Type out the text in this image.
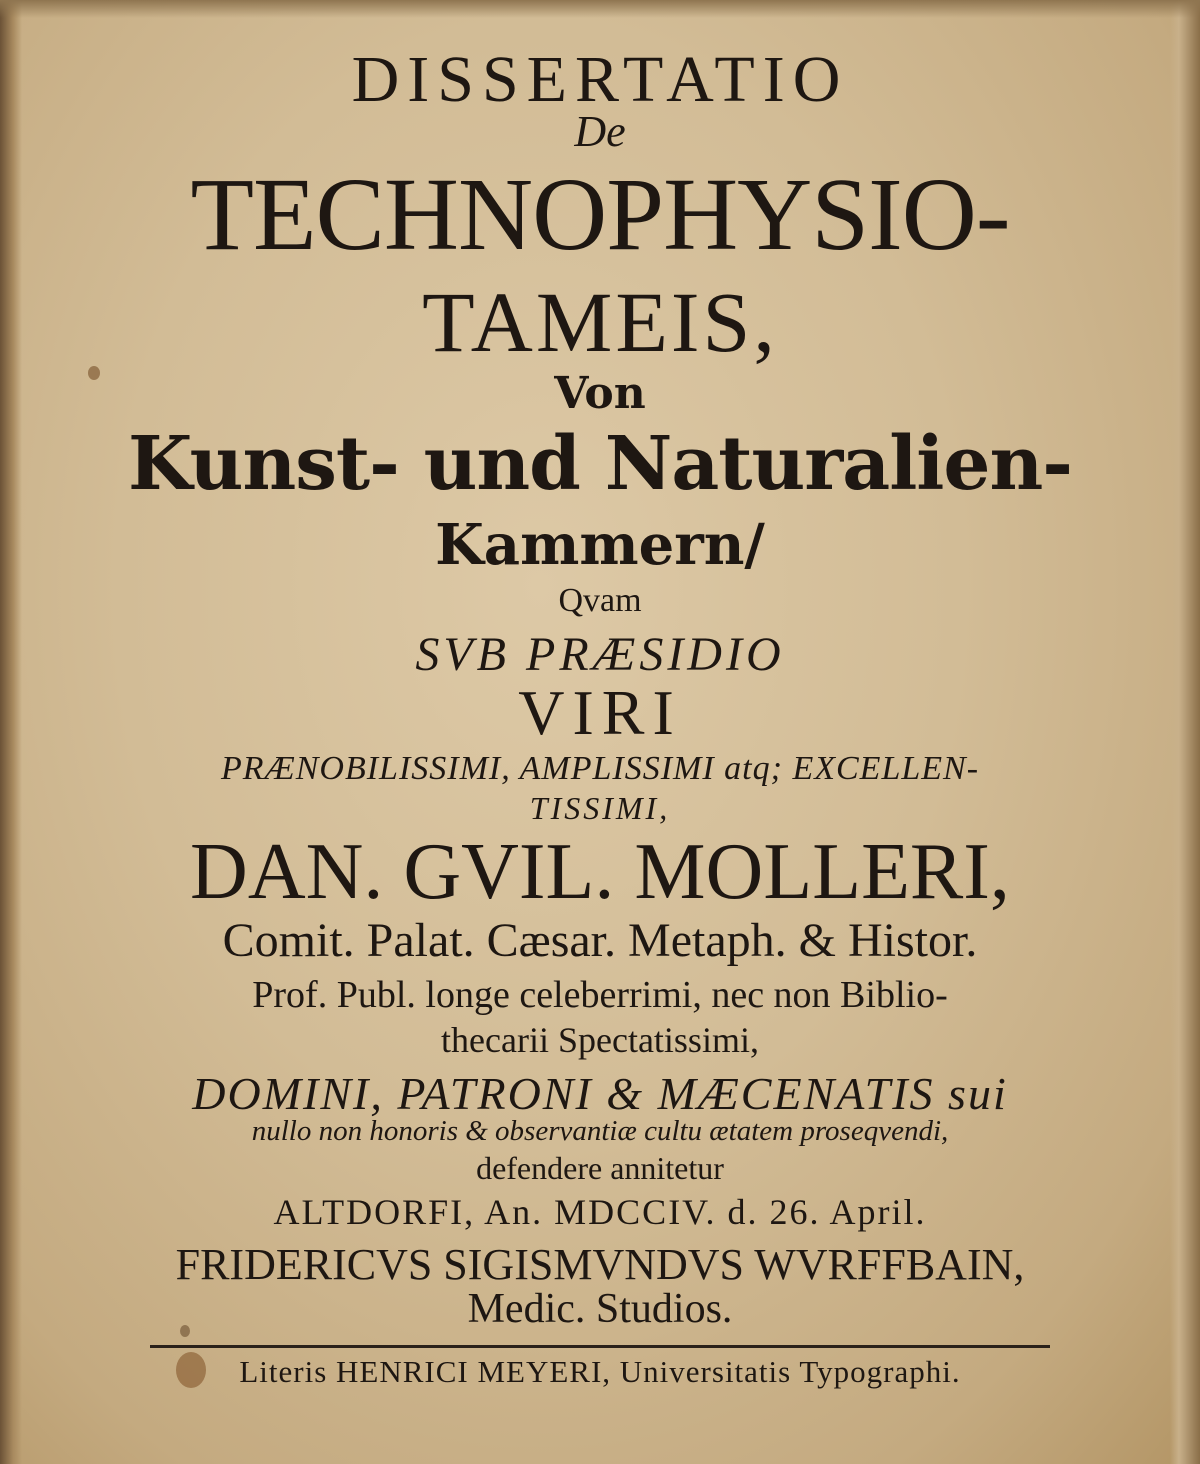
DISSERTATIO
De
TECHNOPHYSIO-
TAMEIS,
Von
Kunst- und Naturalien-
Kammern/
Qvam
SVB PRÆSIDIO
VIRI
PRÆNOBILISSIMI, AMPLISSIMI atq; EXCELLEN-
TISSIMI,
DAN. GVIL. MOLLERI,
Comit. Palat. Cæsar. Metaph. & Histor.
Prof. Publ. longe celeberrimi, nec non Biblio-
thecarii Spectatissimi,
DOMINI, PATRONI & MÆCENATIS sui
nullo non honoris & observantiæ cultu ætatem proseqvendi,
defendere annitetur
ALTDORFI, An. MDCCIV. d. 26. April.
FRIDERICVS SIGISMVNDVS WVRFFBAIN,
Medic. Studios.
Literis HENRICI MEYERI, Universitatis Typographi.
